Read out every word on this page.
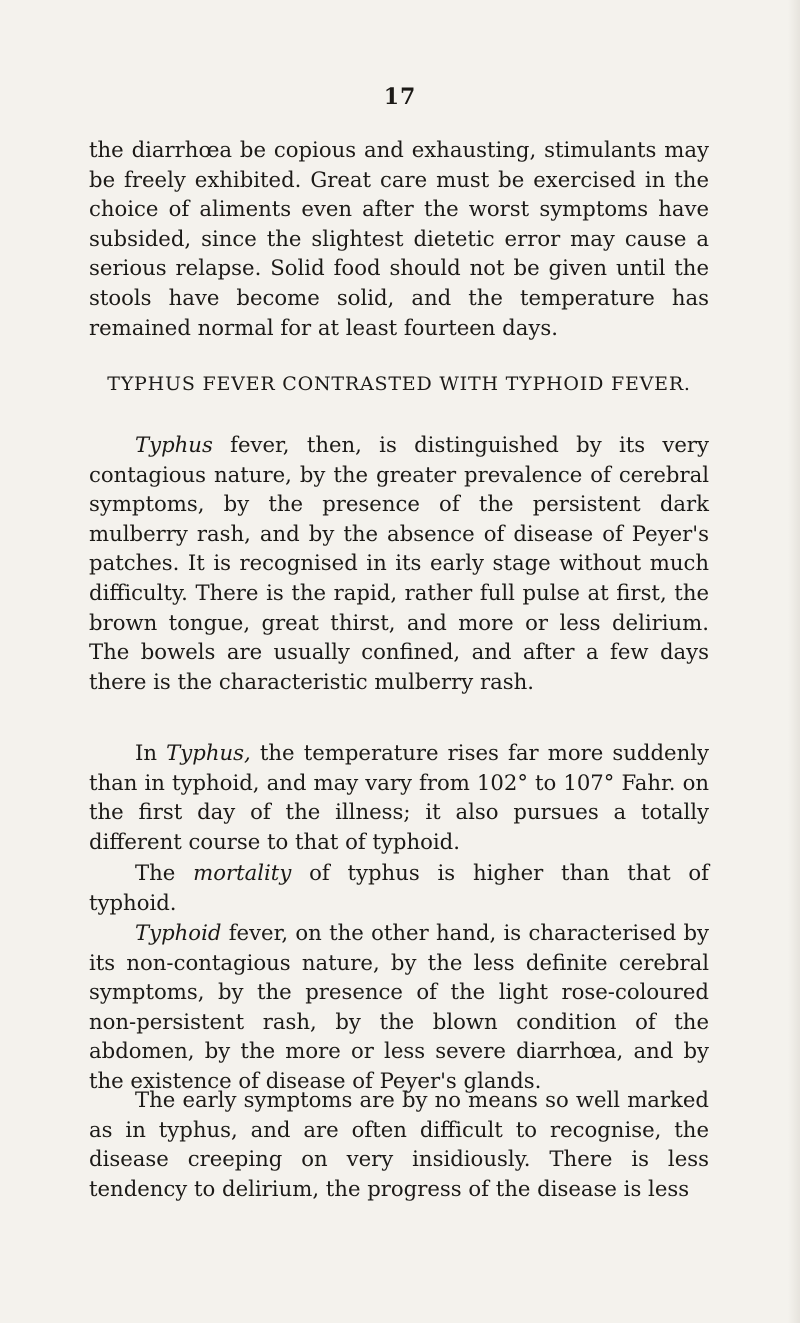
17
the diarrhœa be copious and exhausting, stimulants may be freely exhibited. Great care must be exercised in the choice of aliments even after the worst symptoms have subsided, since the slightest dietetic error may cause a serious relapse. Solid food should not be given until the stools have become solid, and the temperature has remained normal for at least fourteen days.
TYPHUS FEVER CONTRASTED WITH TYPHOID FEVER.
Typhus fever, then, is distinguished by its very contagious nature, by the greater prevalence of cerebral symptoms, by the presence of the persistent dark mulberry rash, and by the absence of disease of Peyer's patches. It is recognised in its early stage without much difficulty. There is the rapid, rather full pulse at first, the brown tongue, great thirst, and more or less delirium. The bowels are usually confined, and after a few days there is the characteristic mulberry rash.
In Typhus, the temperature rises far more suddenly than in typhoid, and may vary from 102° to 107° Fahr. on the first day of the illness; it also pursues a totally different course to that of typhoid.
The mortality of typhus is higher than that of typhoid.
Typhoid fever, on the other hand, is characterised by its non-contagious nature, by the less definite cerebral symptoms, by the presence of the light rose-coloured non-persistent rash, by the blown condition of the abdomen, by the more or less severe diarrhœa, and by the existence of disease of Peyer's glands.
The early symptoms are by no means so well marked as in typhus, and are often difficult to recognise, the disease creeping on very insidiously. There is less tendency to delirium, the progress of the disease is less
